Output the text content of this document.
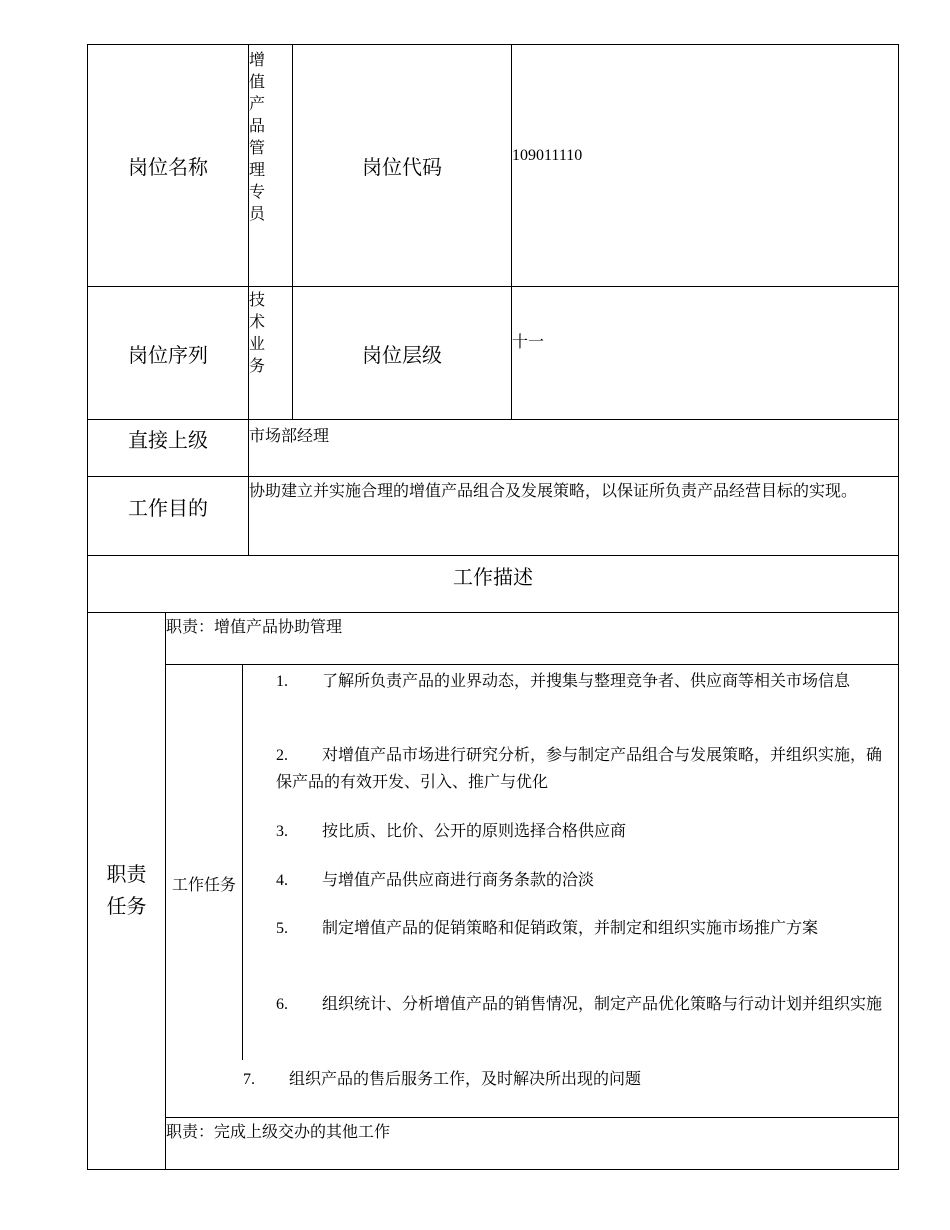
岗位名称
增值产品管理专员
岗位代码
109011110
岗位序列
技术业务	岗位层级
十一
直接上级	市场部经理
工作目的
协助建立并实施合理的增值产品组合及发展策略，以保证所负责产品经营目标的实现。
工作描述
职责任务
职责：增值产品协助管理
工作任务
1. 了解所负责产品的业界动态，并搜集与整理竞争者、供应商等相关市场信息
2. 对增值产品市场进行研究分析，参与制定产品组合与发展策略，并组织实施，确保产品的有效开发、引入、推广与优化
3. 按比质、比价、公开的原则选择合格供应商
4. 与增值产品供应商进行商务条款的洽淡
5. 制定增值产品的促销策略和促销政策，并制定和组织实施市场推广方案
6. 组织统计、分析增值产品的销售情况，制定产品优化策略与行动计划并组织实施
7. 组织产品的售后服务工作，及时解决所出现的问题
职责：完成上级交办的其他工作
